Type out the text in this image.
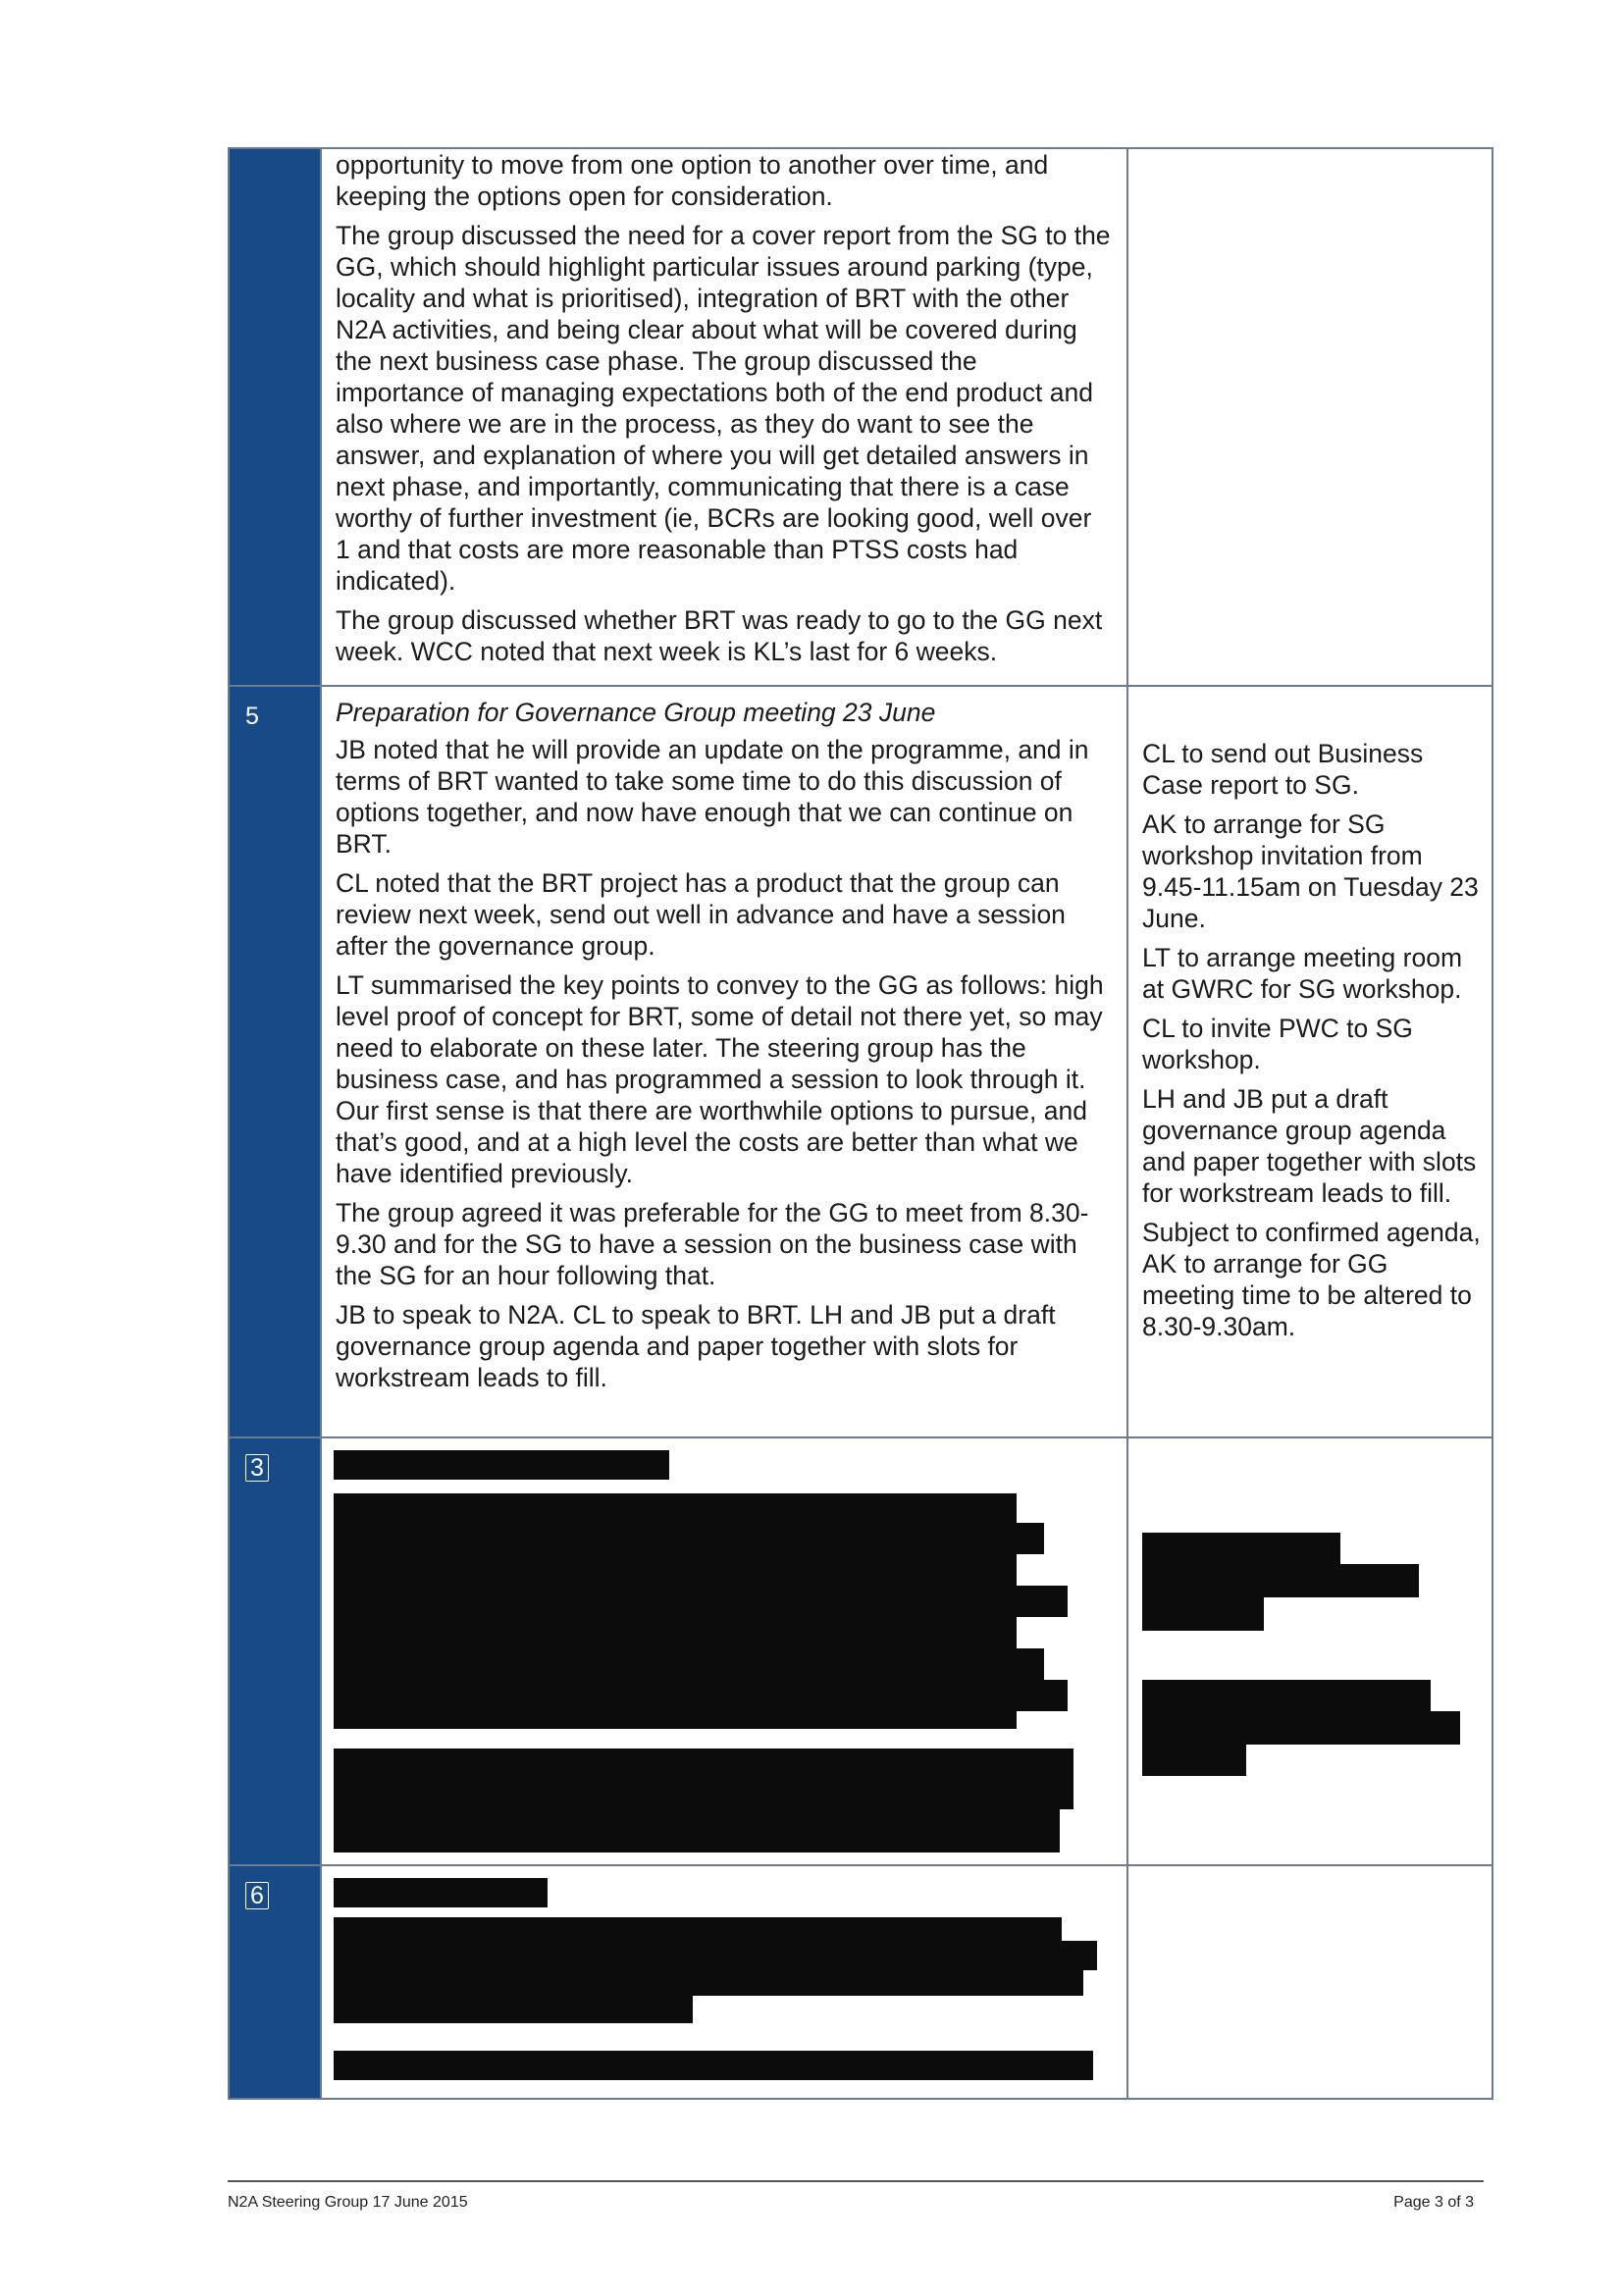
opportunity to move from one option to another over time, and keeping the options open for consideration.

The group discussed the need for a cover report from the SG to the GG, which should highlight particular issues around parking (type, locality and what is prioritised), integration of BRT with the other N2A activities, and being clear about what will be covered during the next business case phase. The group discussed the importance of managing expectations both of the end product and also where we are in the process, as they do want to see the answer, and explanation of where you will get detailed answers in next phase, and importantly, communicating that there is a case worthy of further investment (ie, BCRs are looking good, well over 1 and that costs are more reasonable than PTSS costs had indicated).

The group discussed whether BRT was ready to go to the GG next week. WCC noted that next week is KL’s last for 6 weeks.

5	Preparation for Governance Group meeting 23 June

JB noted that he will provide an update on the programme, and in terms of BRT wanted to take some time to do this discussion of options together, and now have enough that we can continue on BRT.

CL noted that the BRT project has a product that the group can review next week, send out well in advance and have a session after the governance group.

LT summarised the key points to convey to the GG as follows: high level proof of concept for BRT, some of detail not there yet, so may need to elaborate on these later. The steering group has the business case, and has programmed a session to look through it. Our first sense is that there are worthwhile options to pursue, and that’s good, and at a high level the costs are better than what we have identified previously.

The group agreed it was preferable for the GG to meet from 8.30-9.30 and for the SG to have a session on the business case with the SG for an hour following that.

JB to speak to N2A. CL to speak to BRT. LH and JB put a draft governance group agenda and paper together with slots for workstream leads to fill.

CL to send out Business Case report to SG.

AK to arrange for SG workshop invitation from 9.45-11.15am on Tuesday 23 June.

LT to arrange meeting room at GWRC for SG workshop.

CL to invite PWC to SG workshop.

LH and JB put a draft governance group agenda and paper together with slots for workstream leads to fill.

Subject to confirmed agenda, AK to arrange for GG meeting time to be altered to 8.30-9.30am.

3
6
N2A Steering Group 17 June 2015	Page 3 of 3
